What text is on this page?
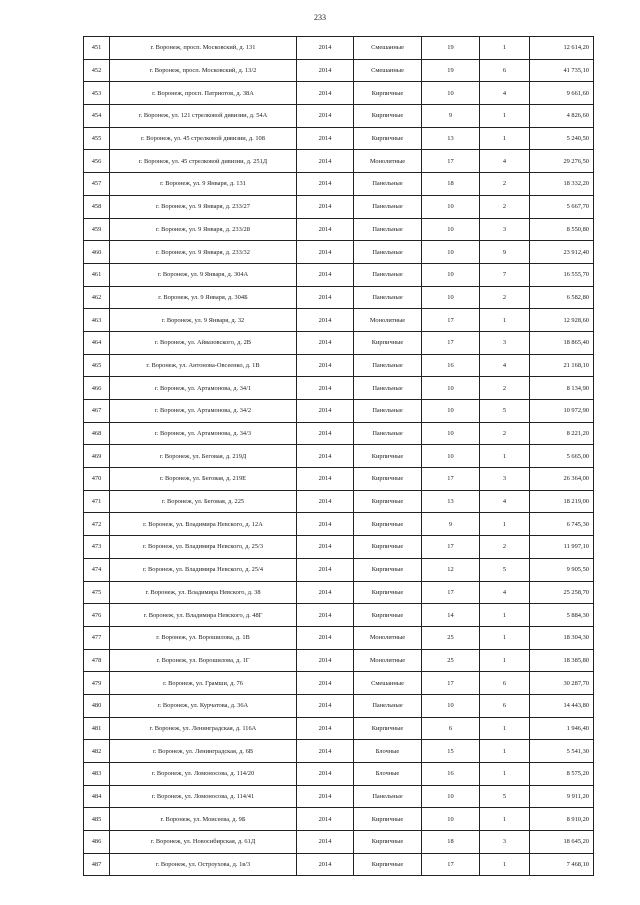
233
451	г. Воронеж, просп. Московский, д. 131	2014	Смешанные	19	1	12 614,20
452	г. Воронеж, просп. Московский, д. 13/2	2014	Смешанные	19	6	41 735,10
453	г. Воронеж, просп. Патриотов, д. 38А	2014	Кирпичные	10	4	9 661,60
454	г. Воронеж, ул. 121 стрелковой дивизии, д. 54А	2014	Кирпичные	9	1	4 826,60
455	г. Воронеж, ул. 45 стрелковой дивизии, д. 108	2014	Кирпичные	13	1	5 240,50
456	г. Воронеж, ул. 45 стрелковой дивизии, д. 251Д	2014	Монолитные	17	4	29 276,50
457	г. Воронеж, ул. 9 Января, д. 131	2014	Панельные	18	2	18 332,20
458	г. Воронеж, ул. 9 Января, д. 233/27	2014	Панельные	10	2	5 667,70
459	г. Воронеж, ул. 9 Января, д. 233/28	2014	Панельные	10	3	8 550,80
460	г. Воронеж, ул. 9 Января, д. 233/32	2014	Панельные	10	9	23 912,40
461	г. Воронеж, ул. 9 Января, д. 304А	2014	Панельные	10	7	16 555,70
462	г. Воронеж, ул. 9 Января, д. 304Б	2014	Панельные	10	2	6 582,80
463	г. Воронеж, ул. 9 Января, д. 32	2014	Монолитные	17	1	12 928,60
464	г. Воронеж, ул. Айвазовского, д. 2В	2014	Кирпичные	17	3	18 865,40
465	г. Воронеж, ул. Антонова-Овсеенко, д. 1В	2014	Панельные	16	4	21 168,10
466	г. Воронеж, ул. Артамонова, д. 34/1	2014	Панельные	10	2	8 134,90
467	г. Воронеж, ул. Артамонова, д. 34/2	2014	Панельные	10	5	10 972,90
468	г. Воронеж, ул. Артамонова, д. 34/3	2014	Панельные	10	2	8 221,20
469	г. Воронеж, ул. Беговая, д. 219Д	2014	Кирпичные	10	1	5 665,00
470	г. Воронеж, ул. Беговая, д. 219Е	2014	Кирпичные	17	3	26 364,00
471	г. Воронеж, ул. Беговая, д. 225	2014	Кирпичные	13	4	18 219,00
472	г. Воронеж, ул. Владимира Невского, д. 12А	2014	Кирпичные	9	1	6 745,30
473	г. Воронеж, ул. Владимира Невского, д. 25/3	2014	Кирпичные	17	2	11 997,10
474	г. Воронеж, ул. Владимира Невского, д. 25/4	2014	Кирпичные	12	5	9 905,50
475	г. Воронеж, ул. Владимира Невского, д. 38	2014	Кирпичные	17	4	25 258,70
476	г. Воронеж, ул. Владимира Невского, д. 48Г	2014	Кирпичные	14	1	5 884,30
477	г. Воронеж, ул. Ворошилова, д. 1В	2014	Монолитные	25	1	18 304,30
478	г. Воронеж, ул. Ворошилова, д. 1Г	2014	Монолитные	25	1	18 385,80
479	г. Воронеж, ул. Грамши, д. 76	2014	Смешанные	17	6	30 287,70
480	г. Воронеж, ул. Курчатова, д. 36А	2014	Панельные	10	6	14 443,80
481	г. Воронеж, ул. Ленинградская, д. 116А	2014	Кирпичные	6	1	1 946,40
482	г. Воронеж, ул. Ленинградская, д. 6В	2014	Блочные	15	1	5 541,30
483	г. Воронеж, ул. Ломоносова, д. 114/20	2014	Блочные	16	1	8 575,20
484	г. Воронеж, ул. Ломоносова, д. 114/41	2014	Панельные	10	5	9 911,20
485	г. Воронеж, ул. Моисеева, д. 9Б	2014	Кирпичные	10	1	8 910,20
486	г. Воронеж, ул. Новосибирская, д. 61Д	2014	Кирпичные	18	3	18 645,20
487	г. Воронеж, ул. Остроухова, д. 1в/3	2014	Кирпичные	17	1	7 468,10
